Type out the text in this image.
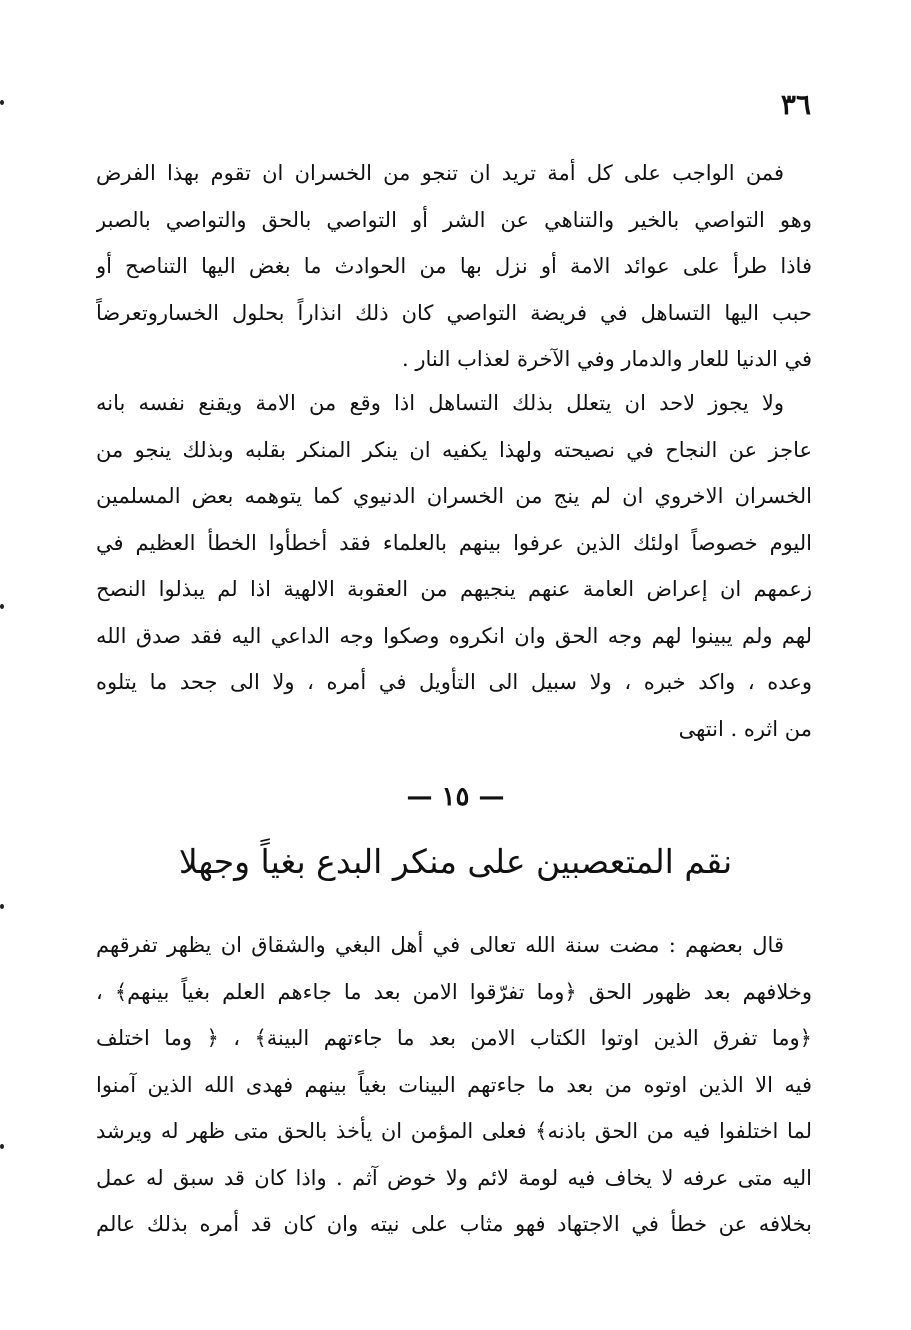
٣٦
فمن الواجب على كل أمة تريد ان تنجو من الخسران ان تقوم بهذا الفرض
وهو التواصي بالخير والتناهي عن الشر أو التواصي بالحق والتواصي بالصبر
فاذا طرأ على عوائد الامة أو نزل بها من الحوادث ما بغض اليها التناصح أو
حبب اليها التساهل في فريضة التواصي كان ذلك انذاراً بحلول الخساروتعرضاً
في الدنيا للعار والدمار وفي الآخرة لعذاب النار .
ولا يجوز لاحد ان يتعلل بذلك التساهل اذا وقع من الامة ويقنع نفسه بانه
عاجز عن النجاح في نصيحته ولهذا يكفيه ان ينكر المنكر بقلبه وبذلك ينجو من
الخسران الاخروي ان لم ينج من الخسران الدنيوي كما يتوهمه بعض المسلمين
اليوم خصوصاً اولئك الذين عرفوا بينهم بالعلماء فقد أخطأوا الخطأ العظيم في
زعمهم ان إعراض العامة عنهم ينجيهم من العقوبة الالهية اذا لم يبذلوا النصح
لهم ولم يبينوا لهم وجه الحق وان انكروه وصكوا وجه الداعي اليه فقد صدق الله
وعده ، واكد خبره ، ولا سبيل الى التأويل في أمره ، ولا الى جحد ما يتلوه
من اثره . انتهى
— ١٥ —
نقم المتعصبين على منكر البدع بغياً وجهلا
قال بعضهم : مضت سنة الله تعالى في أهل البغي والشقاق ان يظهر تفرقهم
وخلافهم بعد ظهور الحق ﴿وما تفرّقوا الامن بعد ما جاءهم العلم بغياً بينهم﴾ ،
﴿وما تفرق الذين اوتوا الكتاب الامن بعد ما جاءتهم البينة﴾ ، ﴿ وما اختلف
فيه الا الذين اوتوه من بعد ما جاءتهم البينات بغياً بينهم فهدى الله الذين آمنوا
لما اختلفوا فيه من الحق باذنه﴾ فعلى المؤمن ان يأخذ بالحق متى ظهر له ويرشد
اليه متى عرفه لا يخاف فيه لومة لائم ولا خوض آثم . واذا كان قد سبق له عمل
بخلافه عن خطأ في الاجتهاد فهو مثاب على نيته وان كان قد أمره بذلك عالم
